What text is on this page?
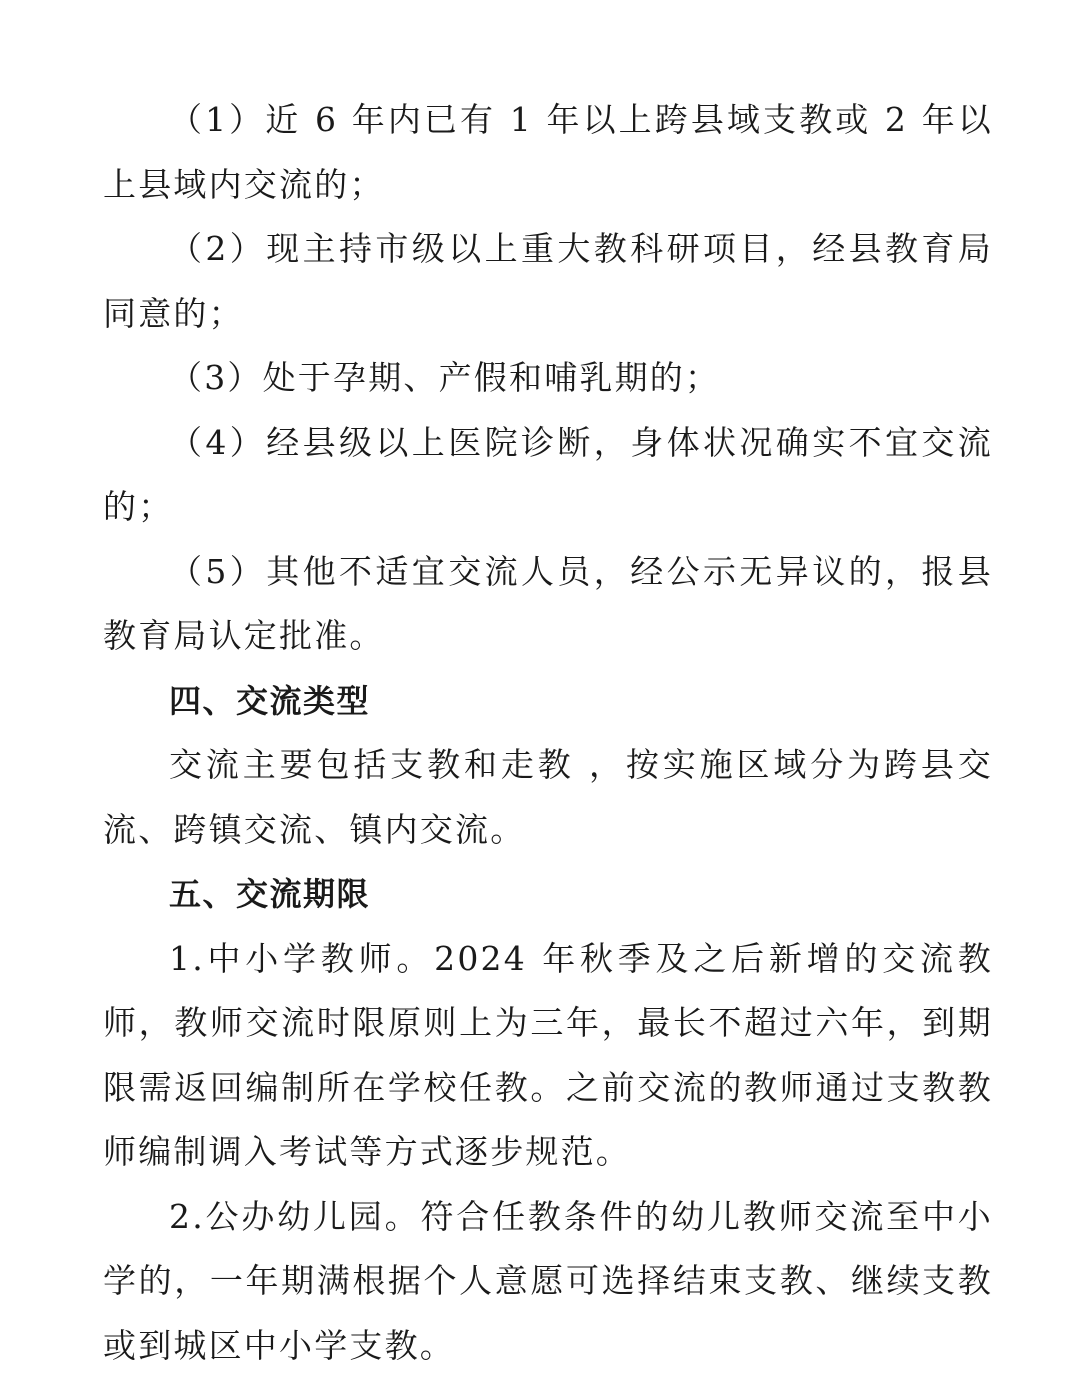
（1）近 6 年内已有 1 年以上跨县域支教或 2 年以上县域内交流的；

（2）现主持市级以上重大教科研项目，经县教育局同意的；

（3）处于孕期、产假和哺乳期的；

（4）经县级以上医院诊断，身体状况确实不宜交流的；

（5）其他不适宜交流人员，经公示无异议的，报县教育局认定批准。

四、交流类型

交流主要包括支教和走教 ，按实施区域分为跨县交流、跨镇交流、镇内交流。

五、交流期限

1.中小学教师。2024 年秋季及之后新增的交流教师，教师交流时限原则上为三年，最长不超过六年，到期限需返回编制所在学校任教。之前交流的教师通过支教教师编制调入考试等方式逐步规范。

2.公办幼儿园。符合任教条件的幼儿教师交流至中小学的，一年期满根据个人意愿可选择结束支教、继续支教或到城区中小学支教。
